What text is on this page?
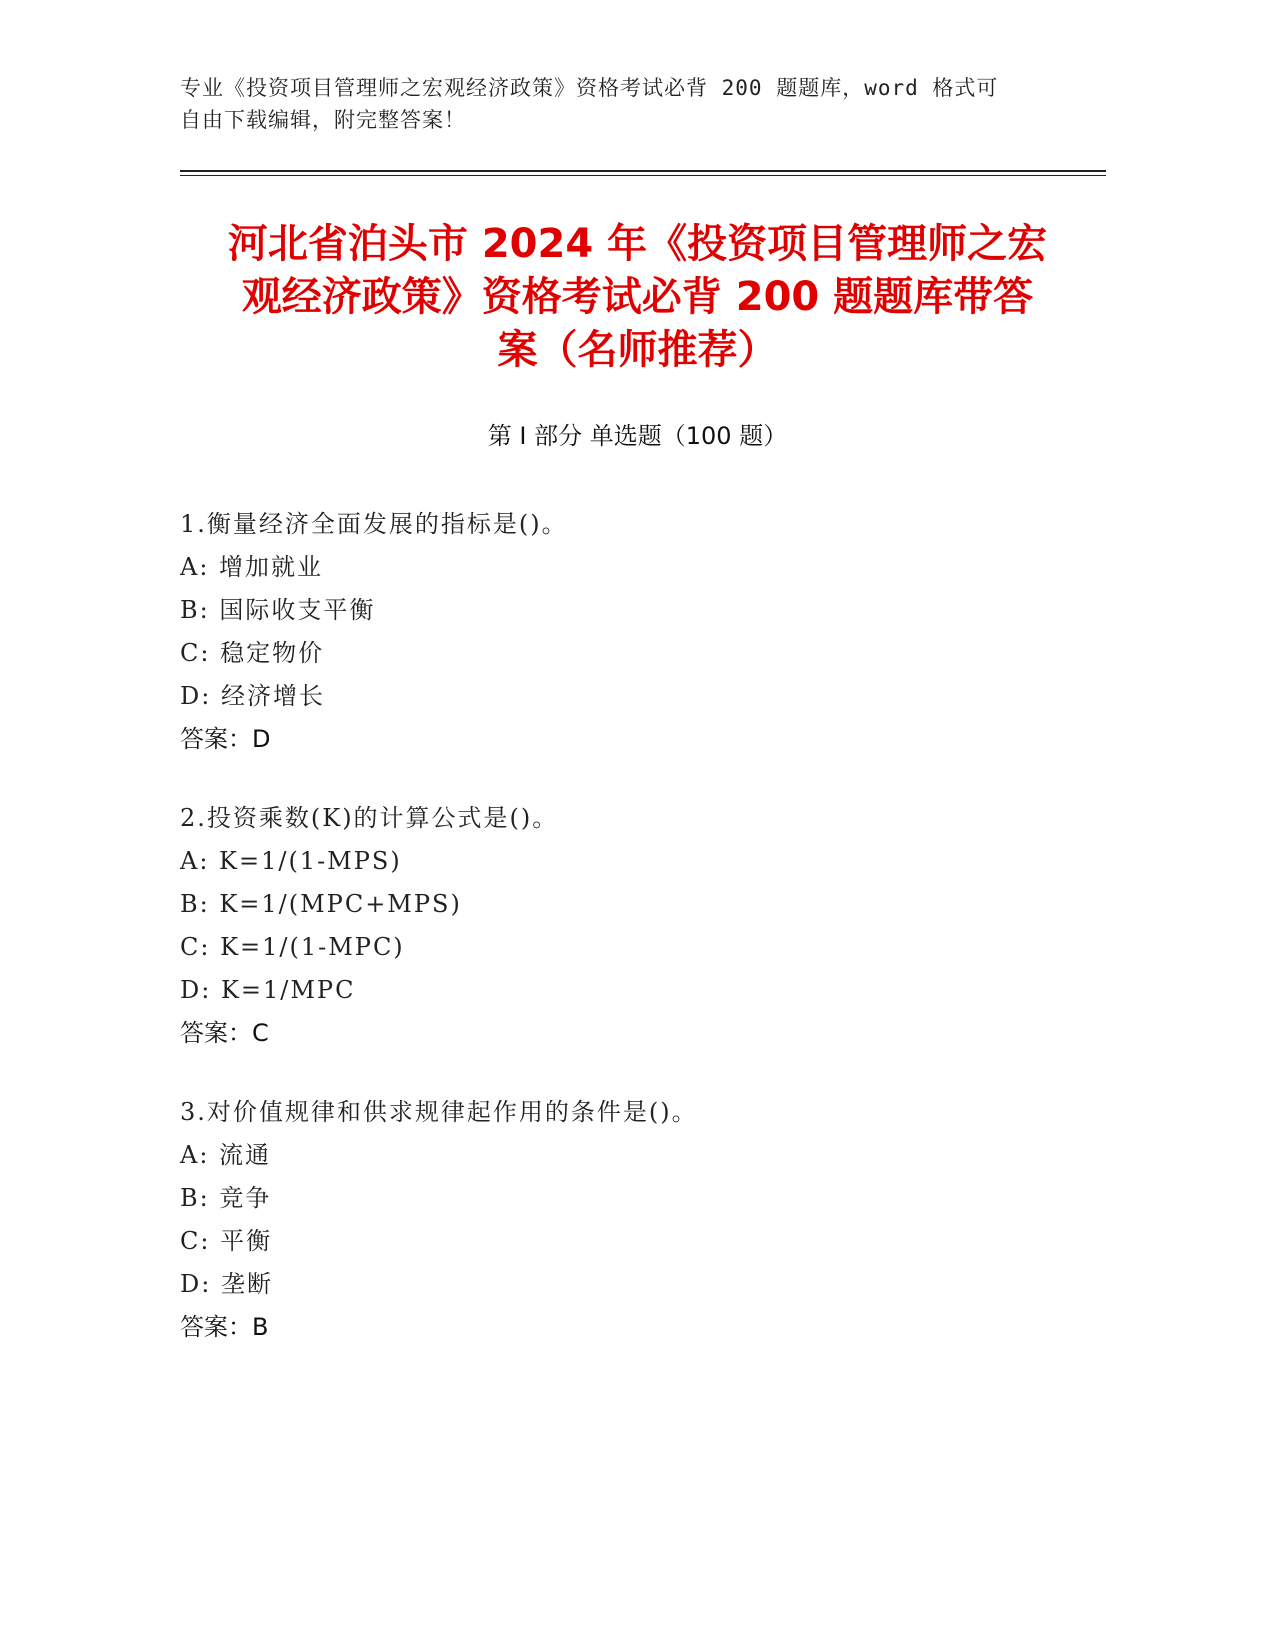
专业《投资项目管理师之宏观经济政策》资格考试必背 200 题题库，word 格式可
自由下载编辑，附完整答案！
河北省泊头市 2024 年《投资项目管理师之宏
观经济政策》资格考试必背 200 题题库带答
案（名师推荐）
第 I 部分 单选题（100 题）
1.衡量经济全面发展的指标是()。
A: 增加就业
B: 国际收支平衡
C: 稳定物价
D: 经济增长
答案：D
2.投资乘数(K)的计算公式是()。
A: K=1/(1-MPS)
B: K=1/(MPC+MPS)
C: K=1/(1-MPC)
D: K=1/MPC
答案：C
3.对价值规律和供求规律起作用的条件是()。
A: 流通
B: 竞争
C: 平衡
D: 垄断
答案：B
